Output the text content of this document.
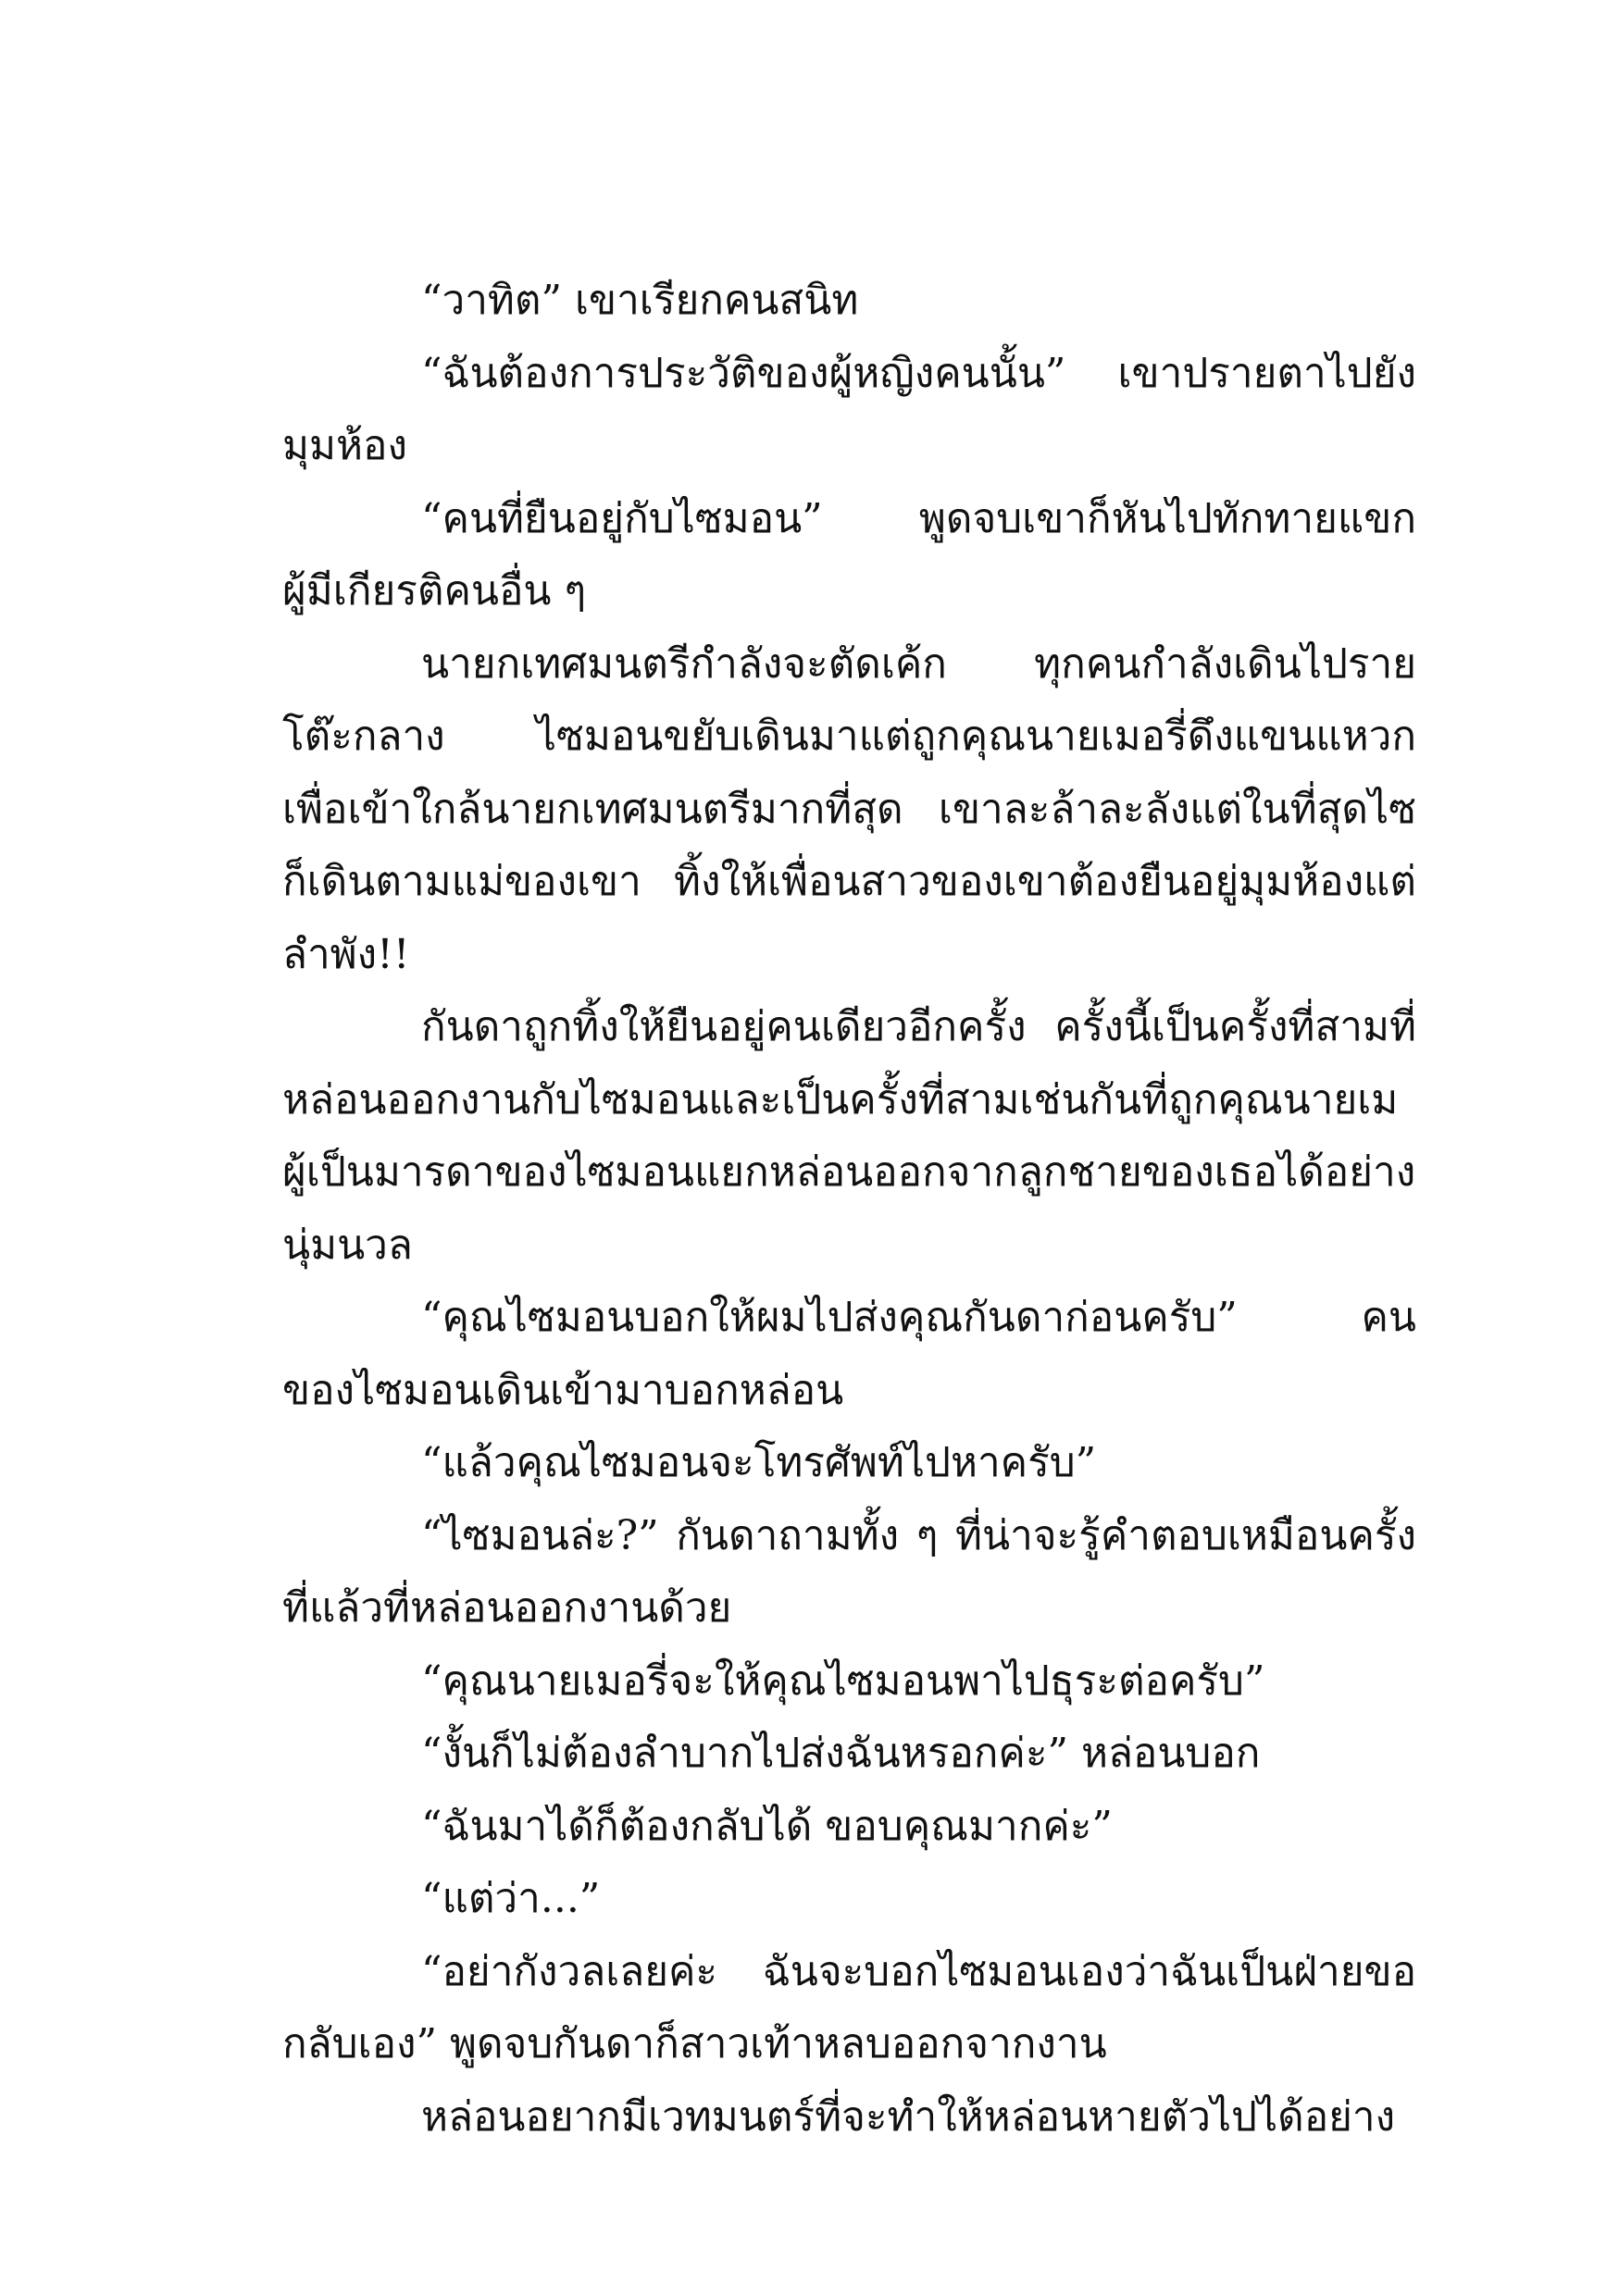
“วาทิต” เขาเรียกคนสนิท
“ฉันต้องการประวัติของผู้หญิงคนนั้น” เขาปรายตาไปยัง
มุมห้อง
“คนที่ยืนอยู่กับไซมอน” พูดจบเขาก็หันไปทักทายแขก
ผู้มีเกียรติคนอื่น ๆ
นายกเทศมนตรีกำลังจะตัดเค้ก ทุกคนกำลังเดินไปราย
โต๊ะกลาง ไซมอนขยับเดินมาแต่ถูกคุณนายเมอรี่ดึงแขนแหวก
เพื่อเข้าใกล้นายกเทศมนตรีมากที่สุด เขาละล้าละลังแต่ในที่สุดไซ
ก็เดินตามแม่ของเขา ทิ้งให้เพื่อนสาวของเขาต้องยืนอยู่มุมห้องแต่
ลำพัง!!
กันดาถูกทิ้งให้ยืนอยู่คนเดียวอีกครั้ง ครั้งนี้เป็นครั้งที่สามที่
หล่อนออกงานกับไซมอนและเป็นครั้งที่สามเช่นกันที่ถูกคุณนายเม
ผู้เป็นมารดาของไซมอนแยกหล่อนออกจากลูกชายของเธอได้อย่าง
นุ่มนวล
“คุณไซมอนบอกให้ผมไปส่งคุณกันดาก่อนครับ” คน
ของไซมอนเดินเข้ามาบอกหล่อน
“แล้วคุณไซมอนจะโทรศัพท์ไปหาครับ”
“ไซมอนล่ะ?” กันดาถามทั้ง ๆ ที่น่าจะรู้คำตอบเหมือนครั้ง
ที่แล้วที่หล่อนออกงานด้วย
“คุณนายเมอรี่จะให้คุณไซมอนพาไปธุระต่อครับ”
“งั้นก็ไม่ต้องลำบากไปส่งฉันหรอกค่ะ” หล่อนบอก
“ฉันมาได้ก็ต้องกลับได้ ขอบคุณมากค่ะ”
“แต่ว่า...”
“อย่ากังวลเลยค่ะ ฉันจะบอกไซมอนเองว่าฉันเป็นฝ่ายขอ
กลับเอง” พูดจบกันดาก็สาวเท้าหลบออกจากงาน
หล่อนอยากมีเวทมนตร์ที่จะทำให้หล่อนหายตัวไปได้อย่าง
